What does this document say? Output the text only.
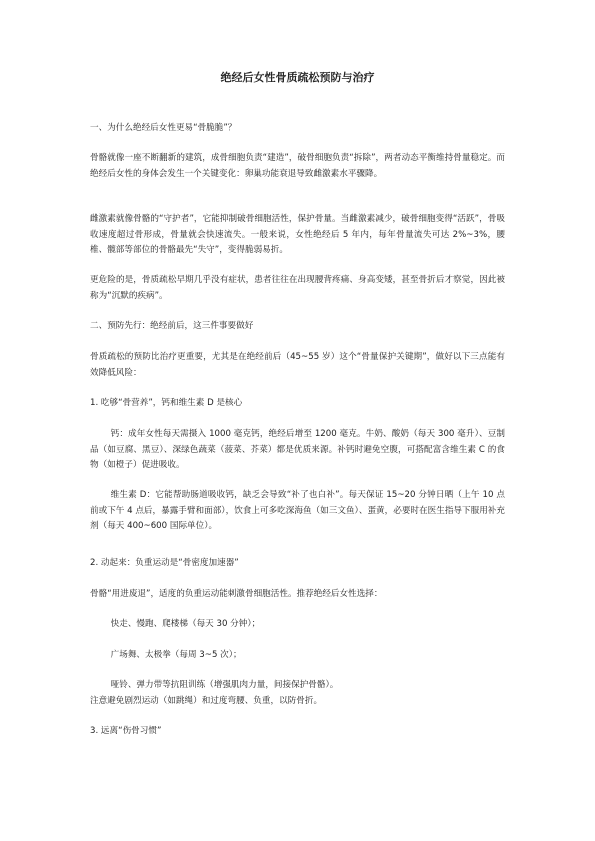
绝经后女性骨质疏松预防与治疗
一、为什么绝经后女性更易“骨脆脆”？
骨骼就像一座不断翻新的建筑，成骨细胞负责“建造”，破骨细胞负责“拆除”，两者动态平衡维持骨量稳定。而绝经后女性的身体会发生一个关键变化：卵巢功能衰退导致雌激素水平骤降。
雌激素就像骨骼的“守护者”，它能抑制破骨细胞活性，保护骨量。当雌激素减少，破骨细胞变得“活跃”，骨吸收速度超过骨形成，骨量就会快速流失。一般来说，女性绝经后 5 年内，每年骨量流失可达 2%~3%，腰椎、髋部等部位的骨骼最先“失守”，变得脆弱易折。
更危险的是，骨质疏松早期几乎没有症状，患者往往在出现腰背疼痛、身高变矮，甚至骨折后才察觉，因此被称为“沉默的疾病”。
二、预防先行：绝经前后，这三件事要做好
骨质疏松的预防比治疗更重要，尤其是在绝经前后（45~55 岁）这个“骨量保护关键期”，做好以下三点能有效降低风险：
1. 吃够“骨营养”，钙和维生素 D 是核心
钙：成年女性每天需摄入 1000 毫克钙，绝经后增至 1200 毫克。牛奶、酸奶（每天 300 毫升）、豆制品（如豆腐、黑豆）、深绿色蔬菜（菠菜、芥菜）都是优质来源。补钙时避免空腹，可搭配富含维生素 C 的食物（如橙子）促进吸收。
维生素 D：它能帮助肠道吸收钙，缺乏会导致“补了也白补”。每天保证 15~20 分钟日晒（上午 10 点前或下午 4 点后，暴露手臂和面部），饮食上可多吃深海鱼（如三文鱼）、蛋黄，必要时在医生指导下服用补充剂（每天 400~600 国际单位）。
2. 动起来：负重运动是“骨密度加速器”
骨骼“用进废退”，适度的负重运动能刺激骨细胞活性。推荐绝经后女性选择：
快走、慢跑、爬楼梯（每天 30 分钟）；
广场舞、太极拳（每周 3~5 次）；
哑铃、弹力带等抗阻训练（增强肌肉力量，间接保护骨骼）。
注意避免剧烈运动（如跳绳）和过度弯腰、负重，以防骨折。
3. 远离“伤骨习惯”
